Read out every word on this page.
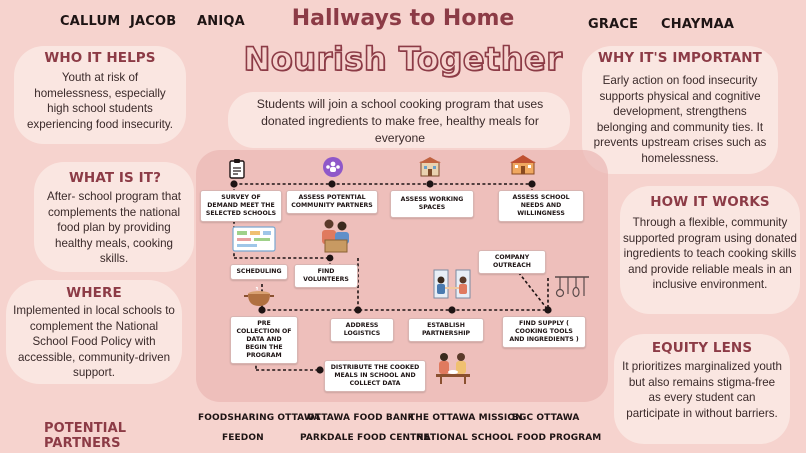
CALLUM JACOB ANIQA	GRACE CHAYMAA
Hallways to Home
Nourish Together
Students will join a school cooking program that uses donated ingredients to make free, healthy meals for everyone
WHO IT HELPS
Youth at risk of homelessness, especially high school students experiencing food insecurity.
WHAT IS IT?
After- school program that complements the national food plan by providing healthy meals, cooking skills.
WHERE
Implemented in local schools to complement the National School Food Policy with accessible, community-driven support.
WHY IT'S IMPORTANT
Early action on food insecurity supports physical and cognitive development, strengthens belonging and community ties. It prevents upstream crises such as homelessness.
HOW IT WORKS
Through a flexible, community supported program using donated ingredients to teach cooking skills and provide reliable meals in an inclusive environment.
EQUITY LENS
It prioritizes marginalized youth but also remains stigma-free as every student can participate in without barriers.
SURVEY OF DEMAND MEET THE SELECTED SCHOOLS
ASSESS POTENTIAL COMMUNITY PARTNERS
ASSESS WORKING SPACES
ASSESS SCHOOL NEEDS AND WILLINGNESS
SCHEDULING	FIND VOLUNTEERS
COMPANY OUTREACH
PRE COLLECTION OF DATA AND BEGIN THE PROGRAM
ADDRESS LOGISTICS
ESTABLISH PARTNERSHIP
FIND SUPPLY ( COOKING TOOLS AND INGREDIENTS )
DISTRIBUTE THE COOKED MEALS IN SCHOOL AND COLLECT DATA
POTENTIAL PARTNERS
FOODSHARING OTTAWA
OTTAWA FOOD BANK
THE OTTAWA MISSION
BGC OTTAWA
FEEDON	PARKDALE FOOD CENTRE
NATIONAL SCHOOL FOOD PROGRAM
